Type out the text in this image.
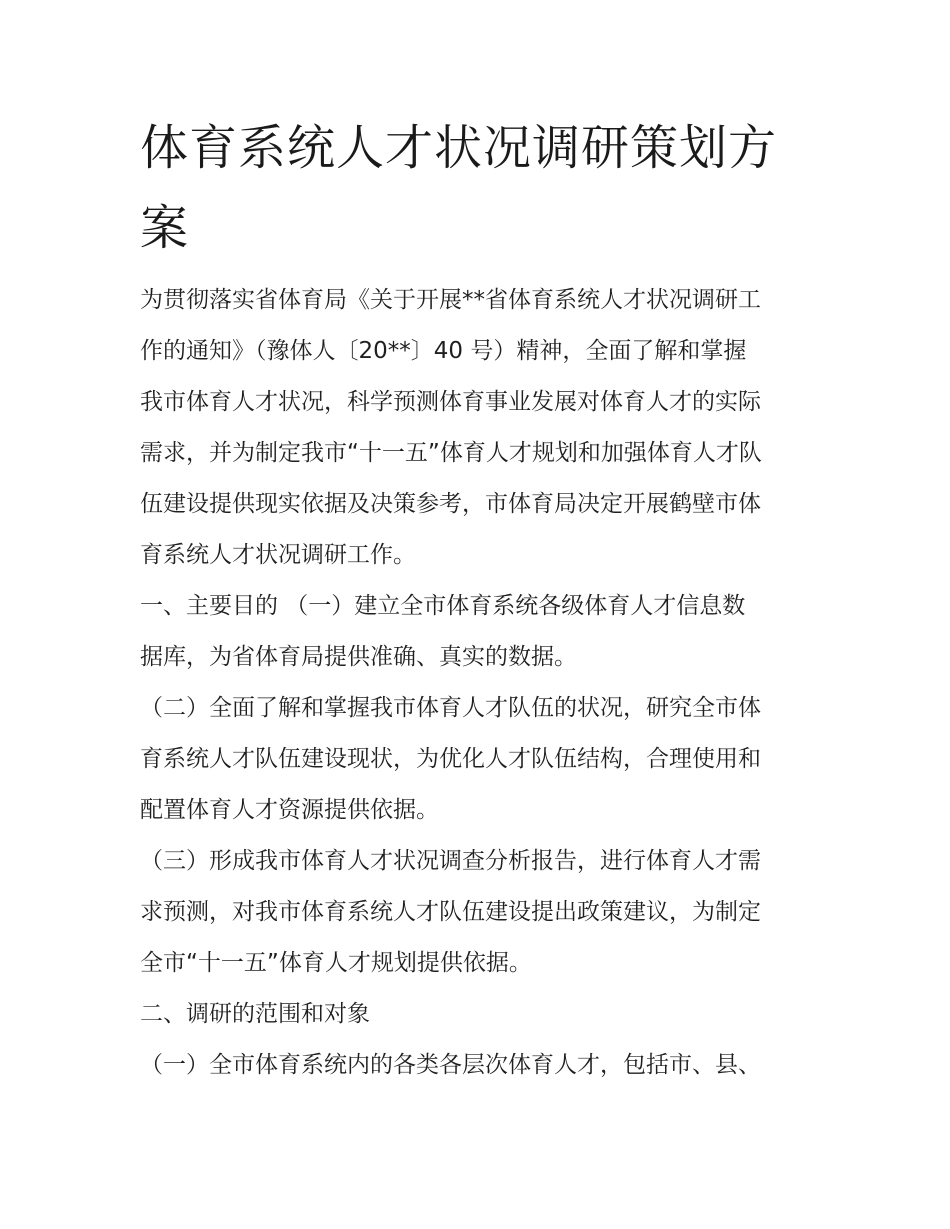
体育系统人才状况调研策划方
案
为贯彻落实省体育局《关于开展**省体育系统人才状况调研工
作的通知》（豫体人〔20**〕40 号）精神，全面了解和掌握
我市体育人才状况，科学预测体育事业发展对体育人才的实际
需求，并为制定我市“十一五”体育人才规划和加强体育人才队
伍建设提供现实依据及决策参考，市体育局决定开展鹤壁市体
育系统人才状况调研工作。
一、主要目的 （一）建立全市体育系统各级体育人才信息数
据库，为省体育局提供准确、真实的数据。
（二）全面了解和掌握我市体育人才队伍的状况，研究全市体
育系统人才队伍建设现状，为优化人才队伍结构，合理使用和
配置体育人才资源提供依据。
（三）形成我市体育人才状况调查分析报告，进行体育人才需
求预测，对我市体育系统人才队伍建设提出政策建议，为制定
全市“十一五”体育人才规划提供依据。
二、调研的范围和对象
（一）全市体育系统内的各类各层次体育人才，包括市、县、
